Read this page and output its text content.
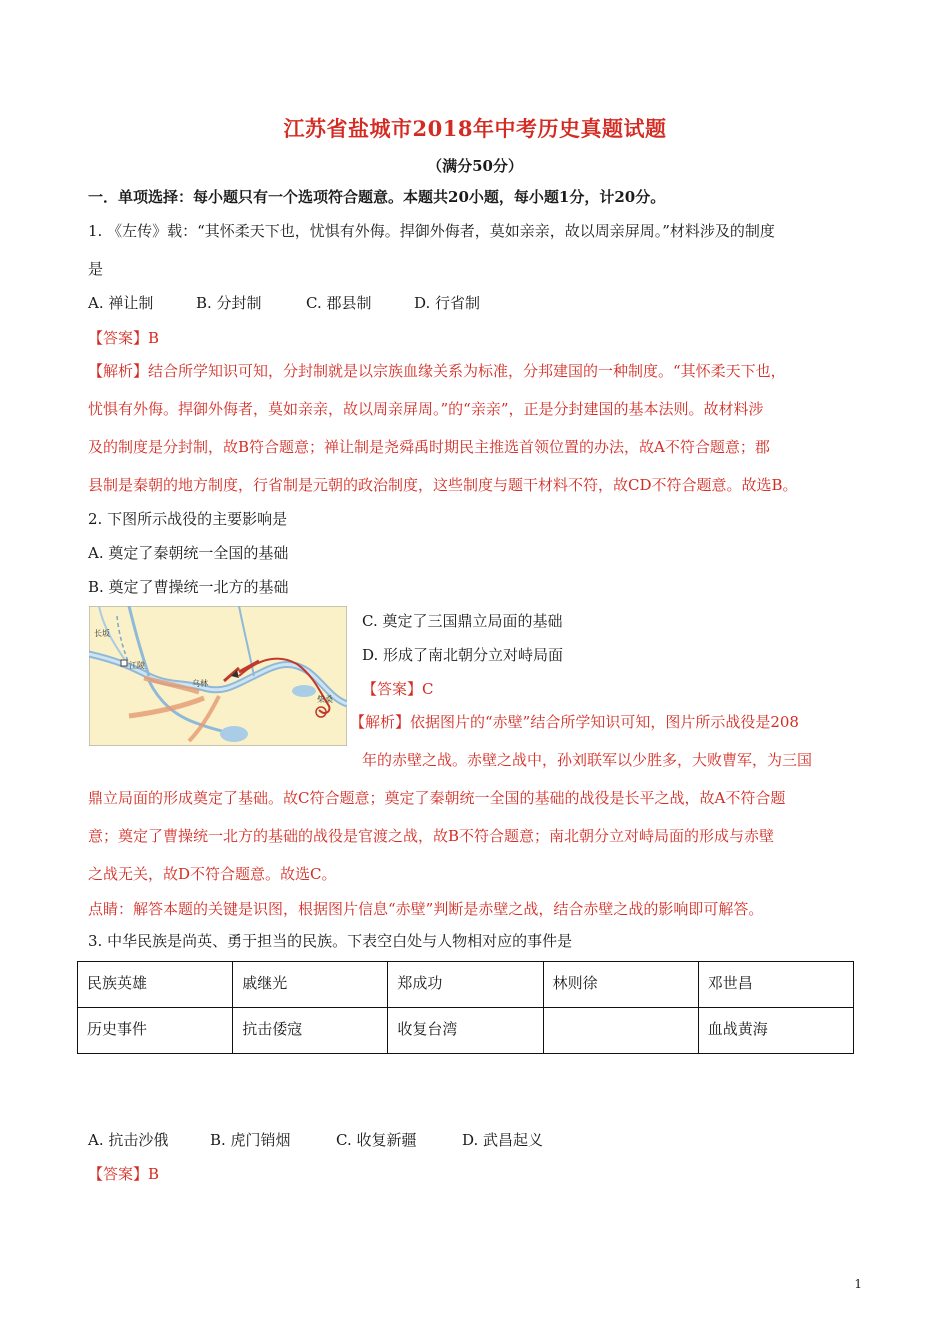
江苏省盐城市2018年中考历史真题试题
（满分50分）
一．单项选择：每小题只有一个选项符合题意。本题共20小题，每小题1分，计20分。
1. 《左传》载：“其怀柔天下也，忧惧有外侮。捍御外侮者，莫如亲亲，故以周亲屏周。”材料涉及的制度
是
A. 禅让制	B. 分封制	C. 郡县制	D. 行省制
【答案】B
【解析】结合所学知识可知，分封制就是以宗族血缘关系为标准，分邦建国的一种制度。“其怀柔天下也，
忧惧有外侮。捍御外侮者，莫如亲亲，故以周亲屏周。”的“亲亲”，正是分封建国的基本法则。故材料涉
及的制度是分封制，故B符合题意；禅让制是尧舜禹时期民主推选首领位置的办法，故A不符合题意；郡
县制是秦朝的地方制度，行省制是元朝的政治制度，这些制度与题干材料不符，故CD不符合题意。故选B。
2. 下图所示战役的主要影响是
A. 奠定了秦朝统一全国的基础
B. 奠定了曹操统一北方的基础
长坂
江陵
乌林
柴桑
C. 奠定了三国鼎立局面的基础
D. 形成了南北朝分立对峙局面
【答案】C
【解析】依据图片的“赤壁”结合所学知识可知，图片所示战役是208
年的赤壁之战。赤壁之战中，孙刘联军以少胜多，大败曹军，为三国
鼎立局面的形成奠定了基础。故C符合题意；奠定了秦朝统一全国的基础的战役是长平之战，故A不符合题
意；奠定了曹操统一北方的基础的战役是官渡之战，故B不符合题意；南北朝分立对峙局面的形成与赤壁
之战无关，故D不符合题意。故选C。
点睛：解答本题的关键是识图，根据图片信息“赤壁”判断是赤壁之战，结合赤壁之战的影响即可解答。
3. 中华民族是尚英、勇于担当的民族。下表空白处与人物相对应的事件是
民族英雄	戚继光	郑成功	林则徐	邓世昌
历史事件	抗击倭寇	收复台湾		血战黄海
A. 抗击沙俄	B. 虎门销烟	C. 收复新疆	D. 武昌起义
【答案】B
1
